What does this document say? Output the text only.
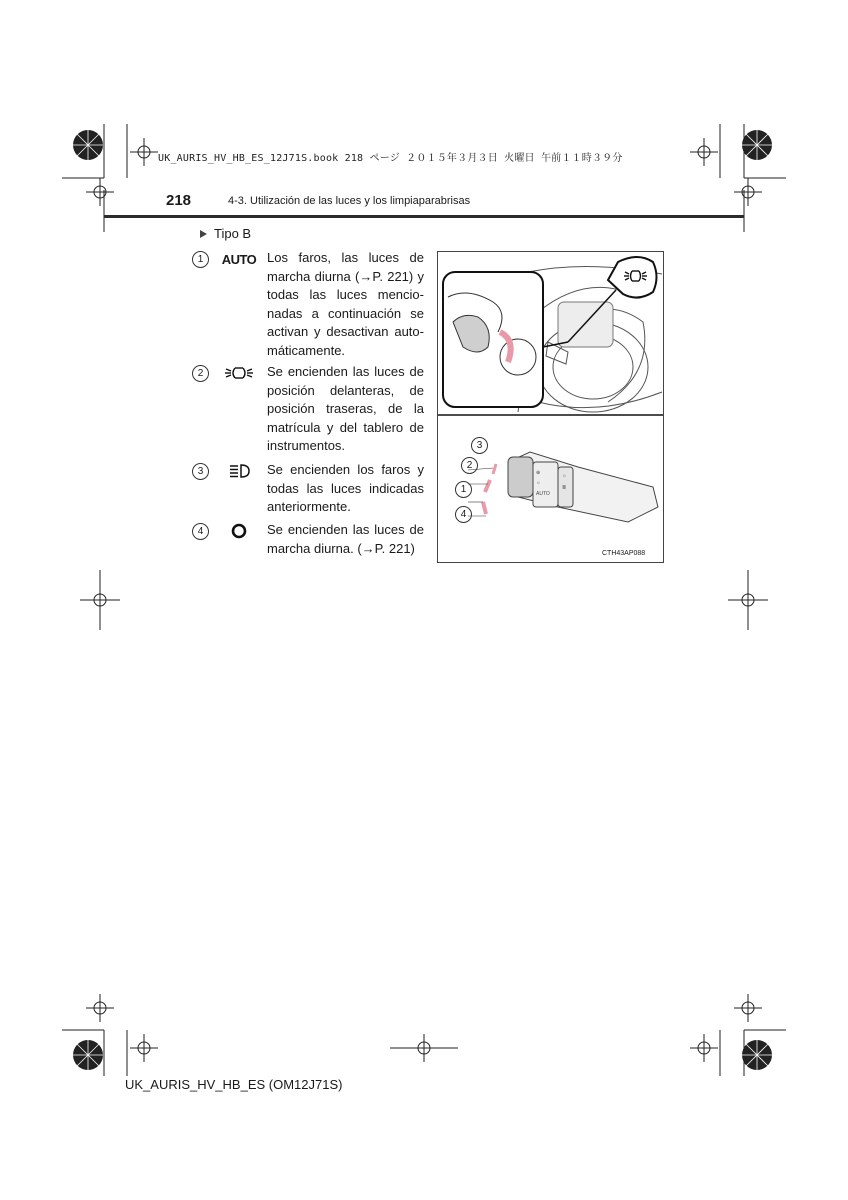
UK_AURIS_HV_HB_ES_12J71S.book 218 ページ ２０１５年３月３日 火曜日 午前１１時３９分
218	4-3. Utilización de las luces y los limpiaparabrisas
Tipo B
1	AUTO Los faros, las luces de marcha diurna (→P. 221) y todas las luces mencionadas a continuación se activan y desactivan automáticamente.
2	Se encienden las luces de posición delanteras, de posición traseras, de la matrícula y del tablero de instrumentos.
3	Se encienden los faros y todas las luces indicadas anteriormente.
4	Se encienden las luces de marcha diurna. (→P. 221)
⊕
☼
AUTO
☼
≣
3
2
1
4
CTH43AP088
UK_AURIS_HV_HB_ES (OM12J71S)
